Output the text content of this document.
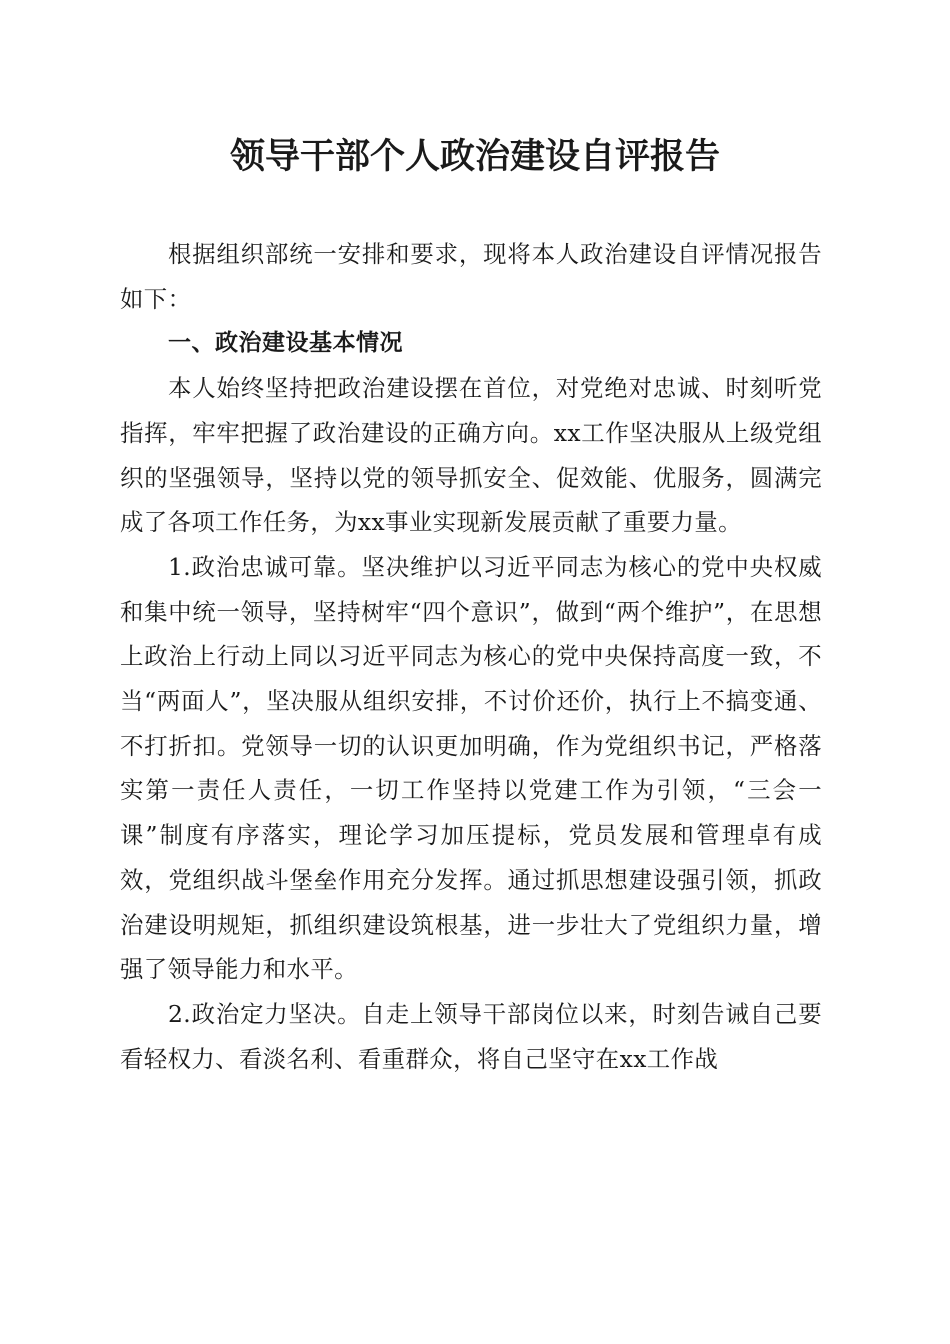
领导干部个人政治建设自评报告

根据组织部统一安排和要求，现将本人政治建设自评情况报告如下：

一、政治建设基本情况

本人始终坚持把政治建设摆在首位，对党绝对忠诚、时刻听党指挥，牢牢把握了政治建设的正确方向。xx工作坚决服从上级党组织的坚强领导，坚持以党的领导抓安全、促效能、优服务，圆满完成了各项工作任务，为xx事业实现新发展贡献了重要力量。

1.政治忠诚可靠。坚决维护以习近平同志为核心的党中央权威和集中统一领导，坚持树牢“四个意识”，做到“两个维护”，在思想上政治上行动上同以习近平同志为核心的党中央保持高度一致，不当“两面人”，坚决服从组织安排，不讨价还价，执行上不搞变通、不打折扣。党领导一切的认识更加明确，作为党组织书记，严格落实第一责任人责任，一切工作坚持以党建工作为引领，“三会一课”制度有序落实，理论学习加压提标，党员发展和管理卓有成效，党组织战斗堡垒作用充分发挥。通过抓思想建设强引领，抓政治建设明规矩，抓组织建设筑根基，进一步壮大了党组织力量，增强了领导能力和水平。

2.政治定力坚决。自走上领导干部岗位以来，时刻告诫自己要看轻权力、看淡名利、看重群众，将自己坚守在xx工作战
